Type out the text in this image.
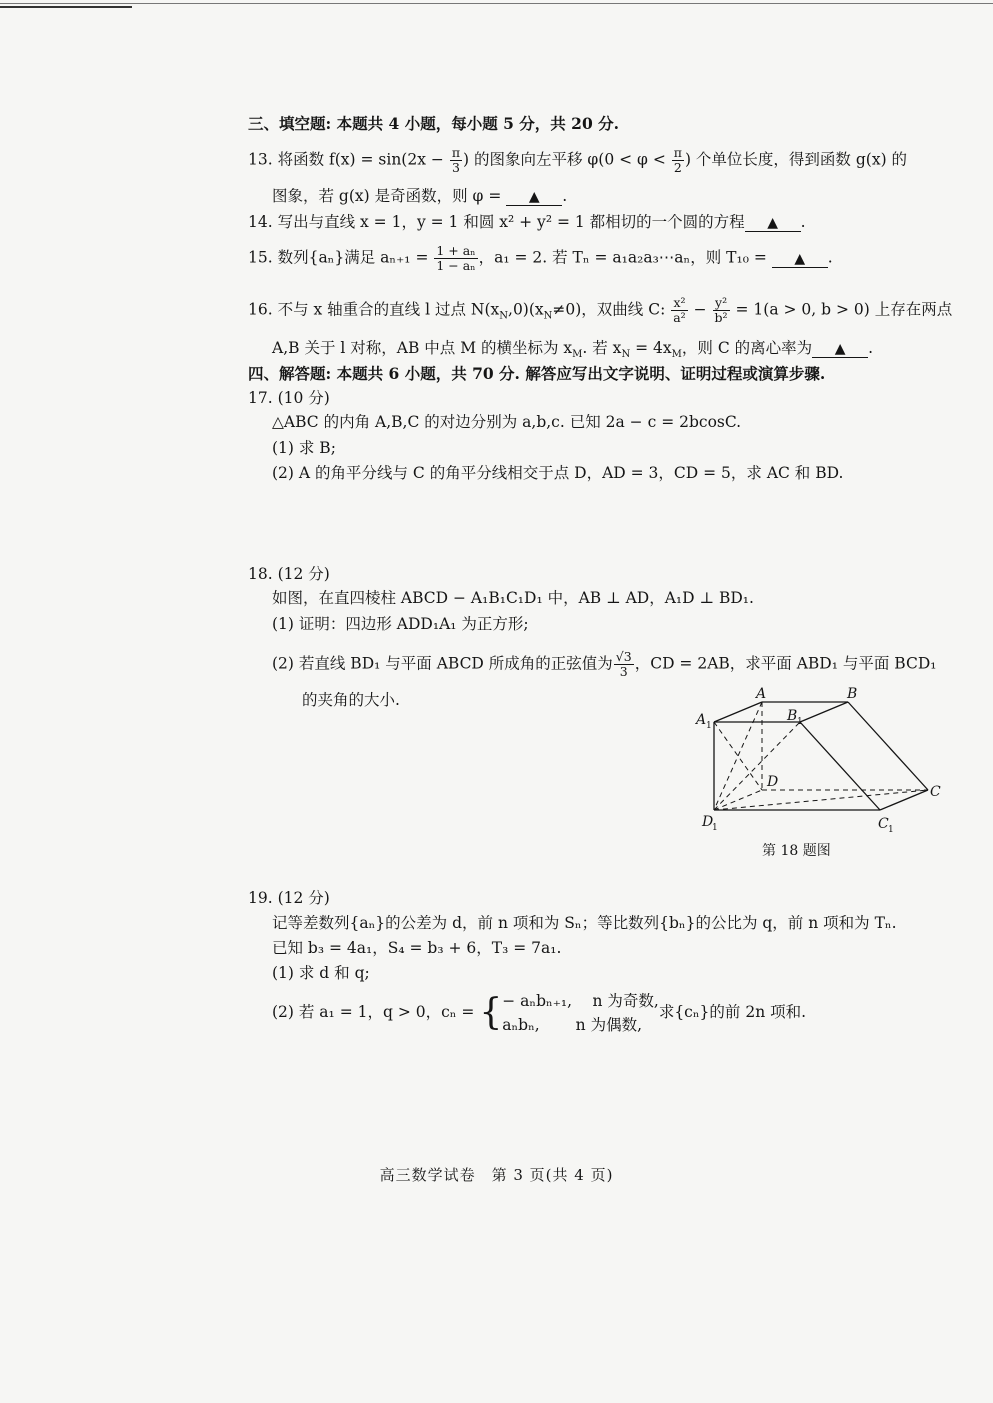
三、填空题: 本题共 4 小题，每小题 5 分，共 20 分.
13. 将函数 $f(x) = \sin(2x - \frac{\pi}{3}$ ) 的图象向左平移 $\varphi(0 < \varphi < \frac{\pi}{2}$ ) 个单位长度，得到函数 g(x) 的
图象，若 g(x) 是奇函数，则 φ = ▲ .
14. 写出与直线 x = 1，y = 1 和圆 x² + y² = 1 都相切的一个圆的方程 ▲ .
15. 数列{aₙ}满足 $a_{n+1} = \frac{\text{1 + aₙ}}{\text{1 − aₙ}}$ ，a₁ = 2. 若 Tₙ = a₁a₂a₃⋯aₙ，则 T₁₀ = ▲ .
16. 不与 x 轴重合的直线 l 过点 $N(x_N,0)(x_N\ne 0)$，双曲线 C: $\frac{\text{x²}}{\text{a²}} - \frac{\text{y²}}{\text{b²}} = 1(a > 0$, b > 0) 上存在两点
A,B 关于 l 对称，AB 中点 M 的横坐标为 $x_M$. 若 $x_N = 4x_M$，则 C 的离心率为 ▲ .
四、解答题: 本题共 6 小题，共 70 分. 解答应写出文字说明、证明过程或演算步骤.
17. (10 分)
△ABC 的内角 A,B,C 的对边分别为 a,b,c. 已知 2a − c = 2bcosC.
(1) 求 B;
(2) A 的角平分线与 C 的角平分线相交于点 D，AD = 3，CD = 5，求 AC 和 BD.
18. (12 分)
如图，在直四棱柱 ABCD − A₁B₁C₁D₁ 中，AB ⊥ AD，A₁D ⊥ BD₁.
(1) 证明：四边形 ADD₁A₁ 为正方形;
(2) 若直线 BD₁ 与平面 ABCD 所成角的正弦值为 $\frac{√3}{3}$ ，CD = 2AB，求平面 ABD₁ 与平面 BCD₁
的夹角的大小.	A	B
A 1
B 1
D
C
D
1	C 1
第 18 题图
19. (12 分)
记等差数列{aₙ}的公差为 d，前 n 项和为 Sₙ；等比数列{bₙ}的公比为 q，前 n 项和为 Tₙ.
已知 b₃ = 4a₁，S₄ = b₃ + 6，T₃ = 7a₁.
(1) 求 d 和 q;
(2) 若 a₁ = 1，q > 0，cₙ = { − aₙbₙ₊₁,　 n 为奇数,
aₙbₙ,　　 n 为偶数,
求{cₙ}的前 2n 项和.
高三数学试卷　第 3 页(共 4 页)
